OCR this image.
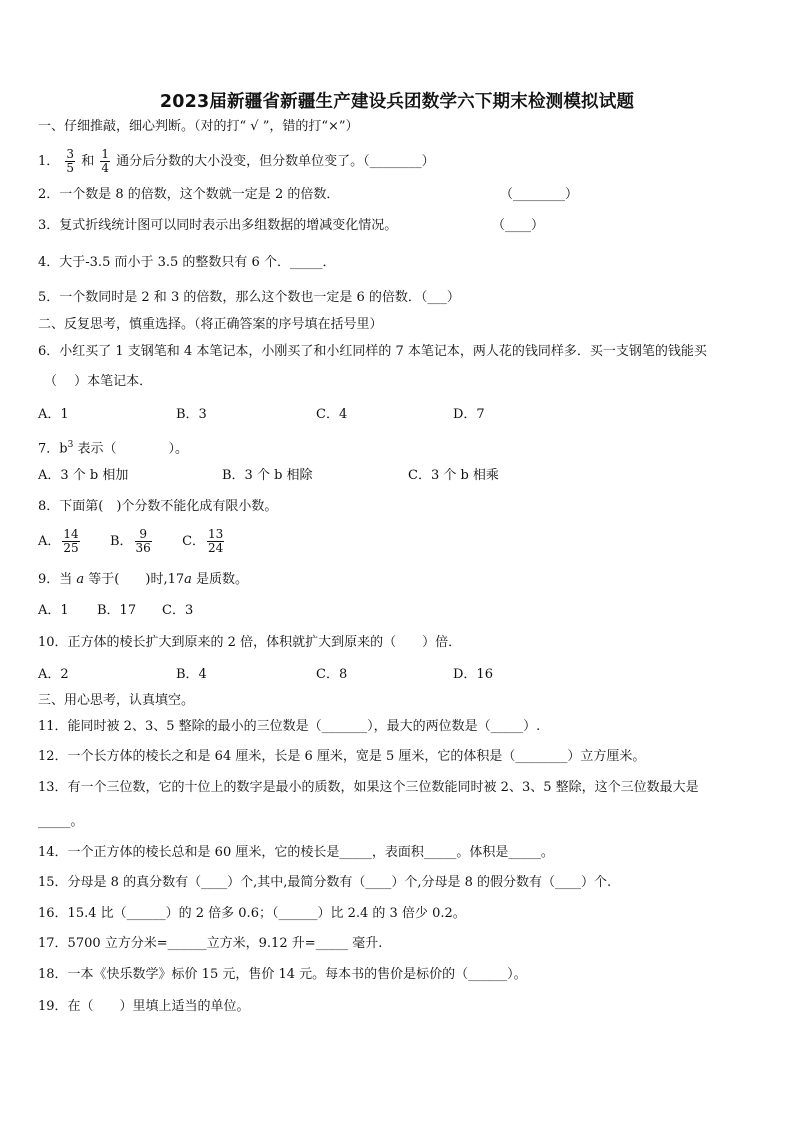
2023届新疆省新疆生产建设兵团数学六下期末检测模拟试题
一、仔细推敲，细心判断。（对的打“ √ ”，错的打“×”）
1． $\frac{3}{5}$ 和 $\frac{1}{4}$ 通分后分数的大小没变，但分数单位变了。（________）
2．一个数是 8 的倍数，这个数就一定是 2 的倍数．	（________）
3．复式折线统计图可以同时表示出多组数据的增减变化情况。	（____）
4．大于-3.5 而小于 3.5 的整数只有 6 个．_____．
5．一个数同时是 2 和 3 的倍数，那么这个数也一定是 6 的倍数．（___）
二、反复思考，慎重选择。（将正确答案的序号填在括号里）
6．小红买了 1 支钢笔和 4 本笔记本，小刚买了和小红同样的 7 本笔记本，两人花的钱同样多．买一支钢笔的钱能买
（　 ）本笔记本．
A．1	B．3	C．4	D．7
7．$b^3$ 表示（　　　　）。
A．3 个 b 相加	B．3 个 b 相除	C．3 个 b 相乘
8．下面第(　)个分数不能化成有限小数。
A． $\frac{14}{25}$ B． $\frac{9}{36}$ C． $\frac{13}{24}$
9．当 a 等于(　　)时,17a 是质数。
A．1 B．17 C．3
10．正方体的棱长扩大到原来的 2 倍，体积就扩大到原来的（　　）倍．
A．2	B．4	C．8	D．16
三、用心思考，认真填空。
11．能同时被 2、3、5 整除的最小的三位数是（_______），最大的两位数是（_____）.
12．一个长方体的棱长之和是 64 厘米，长是 6 厘米，宽是 5 厘米，它的体积是（________）立方厘米。
13．有一个三位数，它的十位上的数字是最小的质数，如果这个三位数能同时被 2、3、5 整除，这个三位数最大是
_____。
14．一个正方体的棱长总和是 60 厘米，它的棱长是_____，表面积_____。体积是_____。
15．分母是 8 的真分数有（____）个,其中,最简分数有（____）个,分母是 8 的假分数有（____）个.
16．15.4 比（______）的 2 倍多 0.6；（______）比 2.4 的 3 倍少 0.2。
17．5700 立方分米=______立方米，9.12 升=_____ 毫升.
18．一本《快乐数学》标价 15 元，售价 14 元。每本书的售价是标价的（______）。
19．在（　　）里填上适当的单位。
